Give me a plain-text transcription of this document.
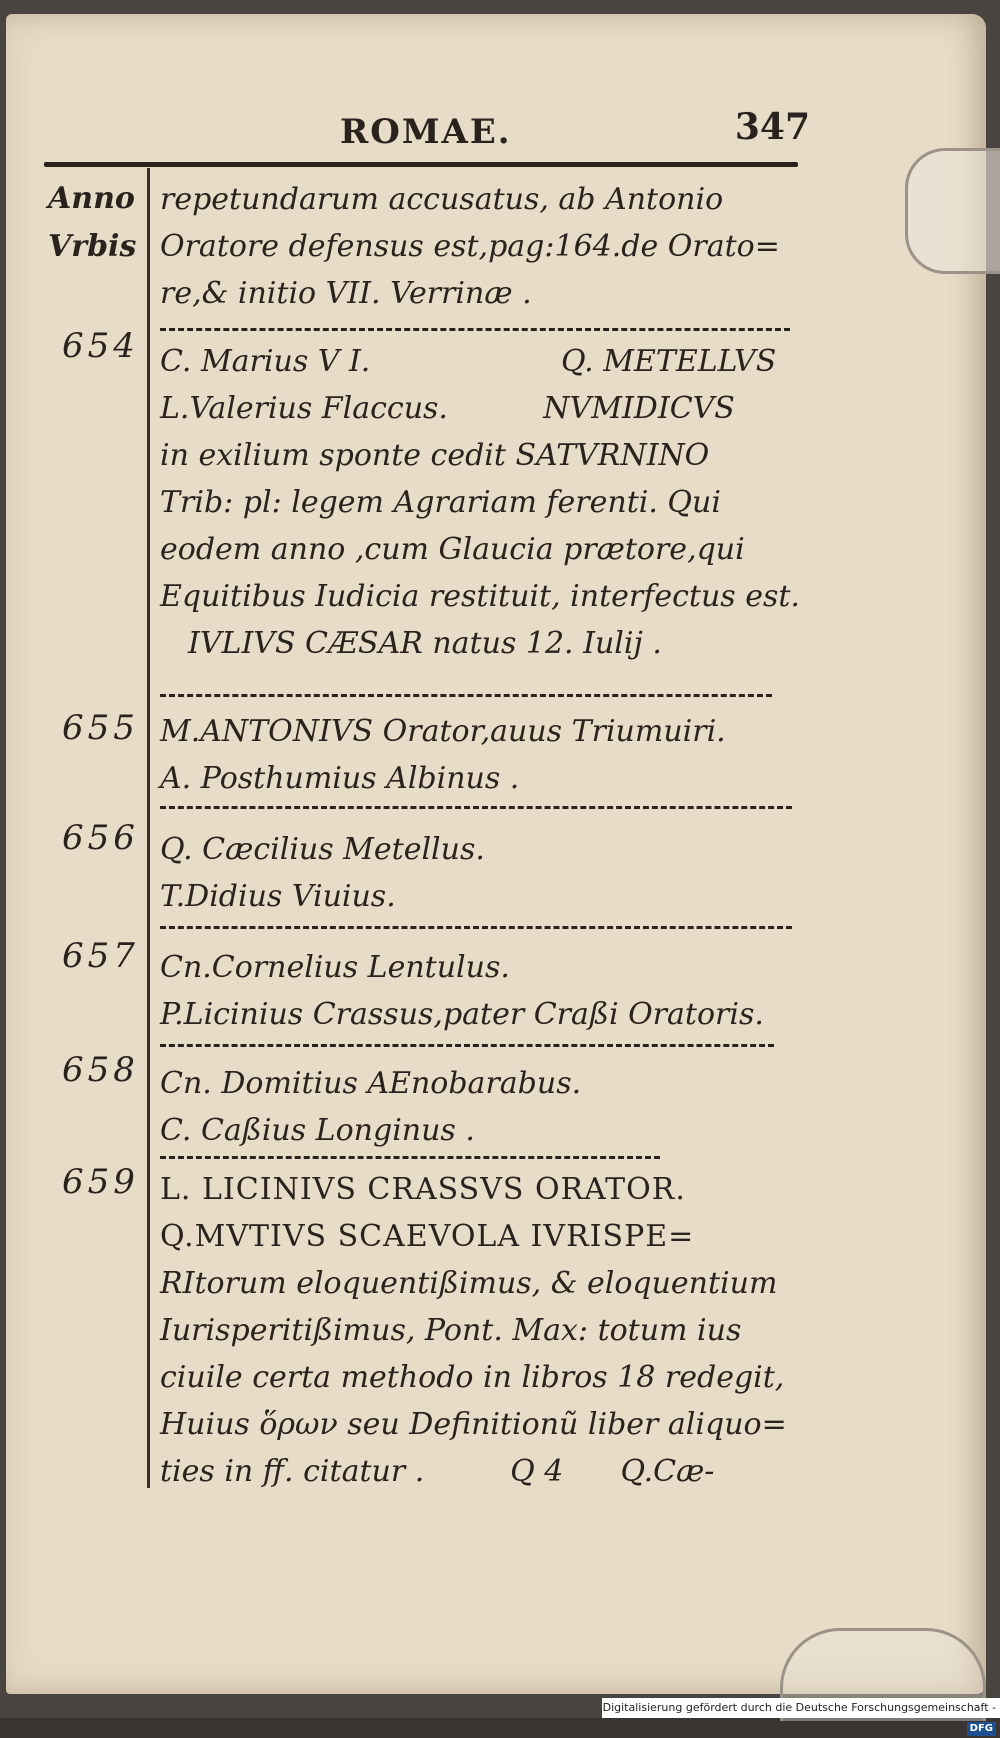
ROMAE.	347
Anno
Vrbis
repetundarum accusatus, ab Antonio
Oratore defensus est,pag:164.de Orato=
re,& initio VII. Verrinæ .
654 C. Marius V I.                    Q. METELLVS
L.Valerius Flaccus.          NVMIDICVS
in exilium sponte cedit SATVRNINO
Trib: pl: legem Agrariam ferenti. Qui
eodem anno ,cum Glaucia prætore,qui
Equitibus Iudicia restituit, interfectus est.
IVLIVS CÆSAR natus 12. Iulij .
655 M.ANTONIVS Orator,auus Triumuiri.
A. Posthumius Albinus .
656 Q. Cæcilius Metellus.
T.Didius Viuius.
657 Cn.Cornelius Lentulus.
P.Licinius Crassus,pater Craßi Oratoris.
658 Cn. Domitius AEnobarabus.
C. Caßius Longinus .
659 L. LICINIVS CRASSVS ORATOR.
Q.MVTIVS SCAEVOLA IVRISPE=
RItorum eloquentißimus, & eloquentium
Iurisperitißimus, Pont. Max: totum ius
ciuile certa methodo in libros 18 redegit,
Huius ὅρων seu Definitionũ liber aliquo=
ties in ff. citatur .         Q 4      Q.Cæ-
Digitalisierung gefördert durch die Deutsche Forschungsgemeinschaft -DFG
